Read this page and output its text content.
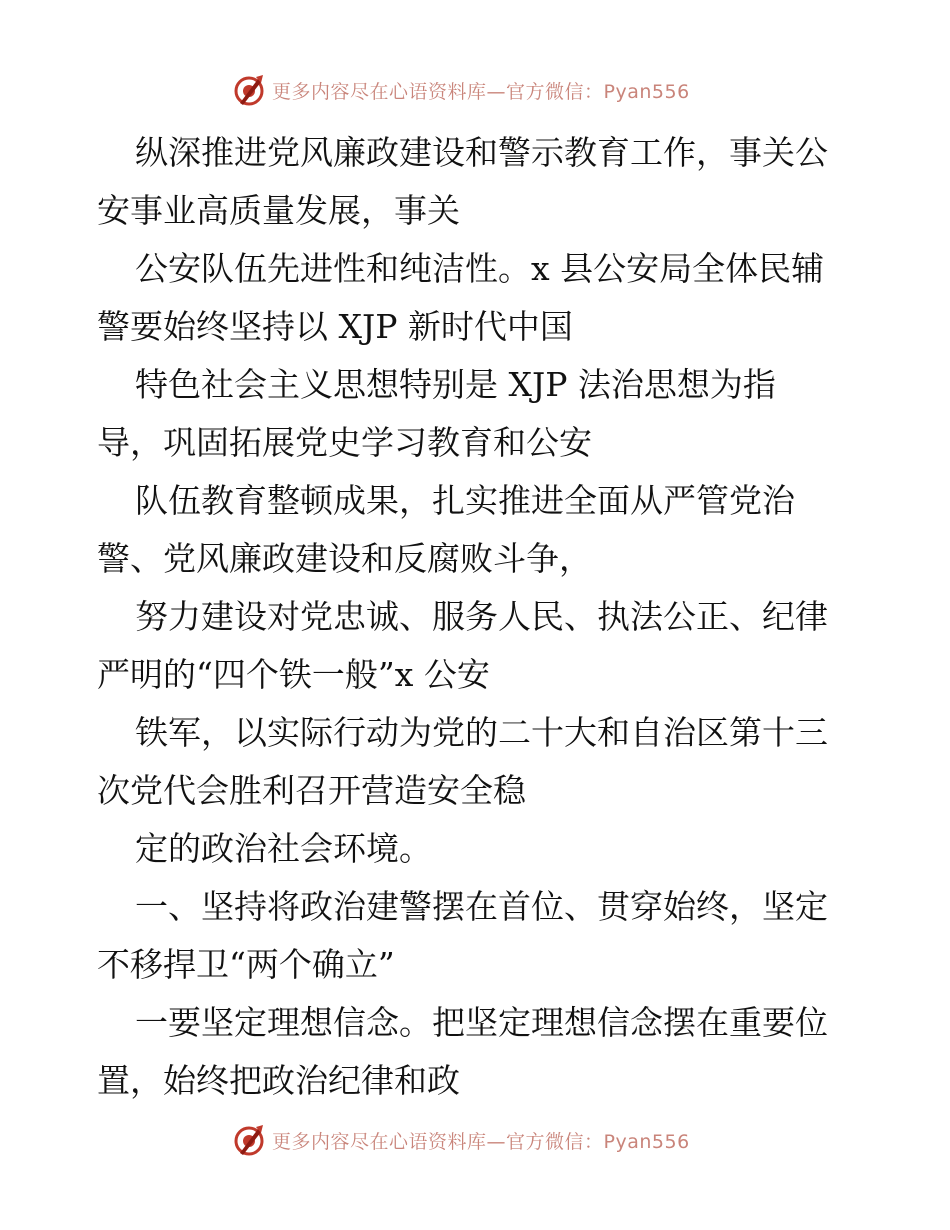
更多内容尽在心语资料库—官方微信：Pyan556
纵深推进党风廉政建设和警示教育工作，事关公
安事业高质量发展，事关
公安队伍先进性和纯洁性。x 县公安局全体民辅
警要始终坚持以 XJP 新时代中国
特色社会主义思想特别是 XJP 法治思想为指
导，巩固拓展党史学习教育和公安
队伍教育整顿成果，扎实推进全面从严管党治
警、党风廉政建设和反腐败斗争，
努力建设对党忠诚、服务人民、执法公正、纪律
严明的“四个铁一般”x 公安
铁军，以实际行动为党的二十大和自治区第十三
次党代会胜利召开营造安全稳
定的政治社会环境。
一、坚持将政治建警摆在首位、贯穿始终，坚定
不移捍卫“两个确立”
一要坚定理想信念。把坚定理想信念摆在重要位
置，始终把政治纪律和政
更多内容尽在心语资料库—官方微信：Pyan556
